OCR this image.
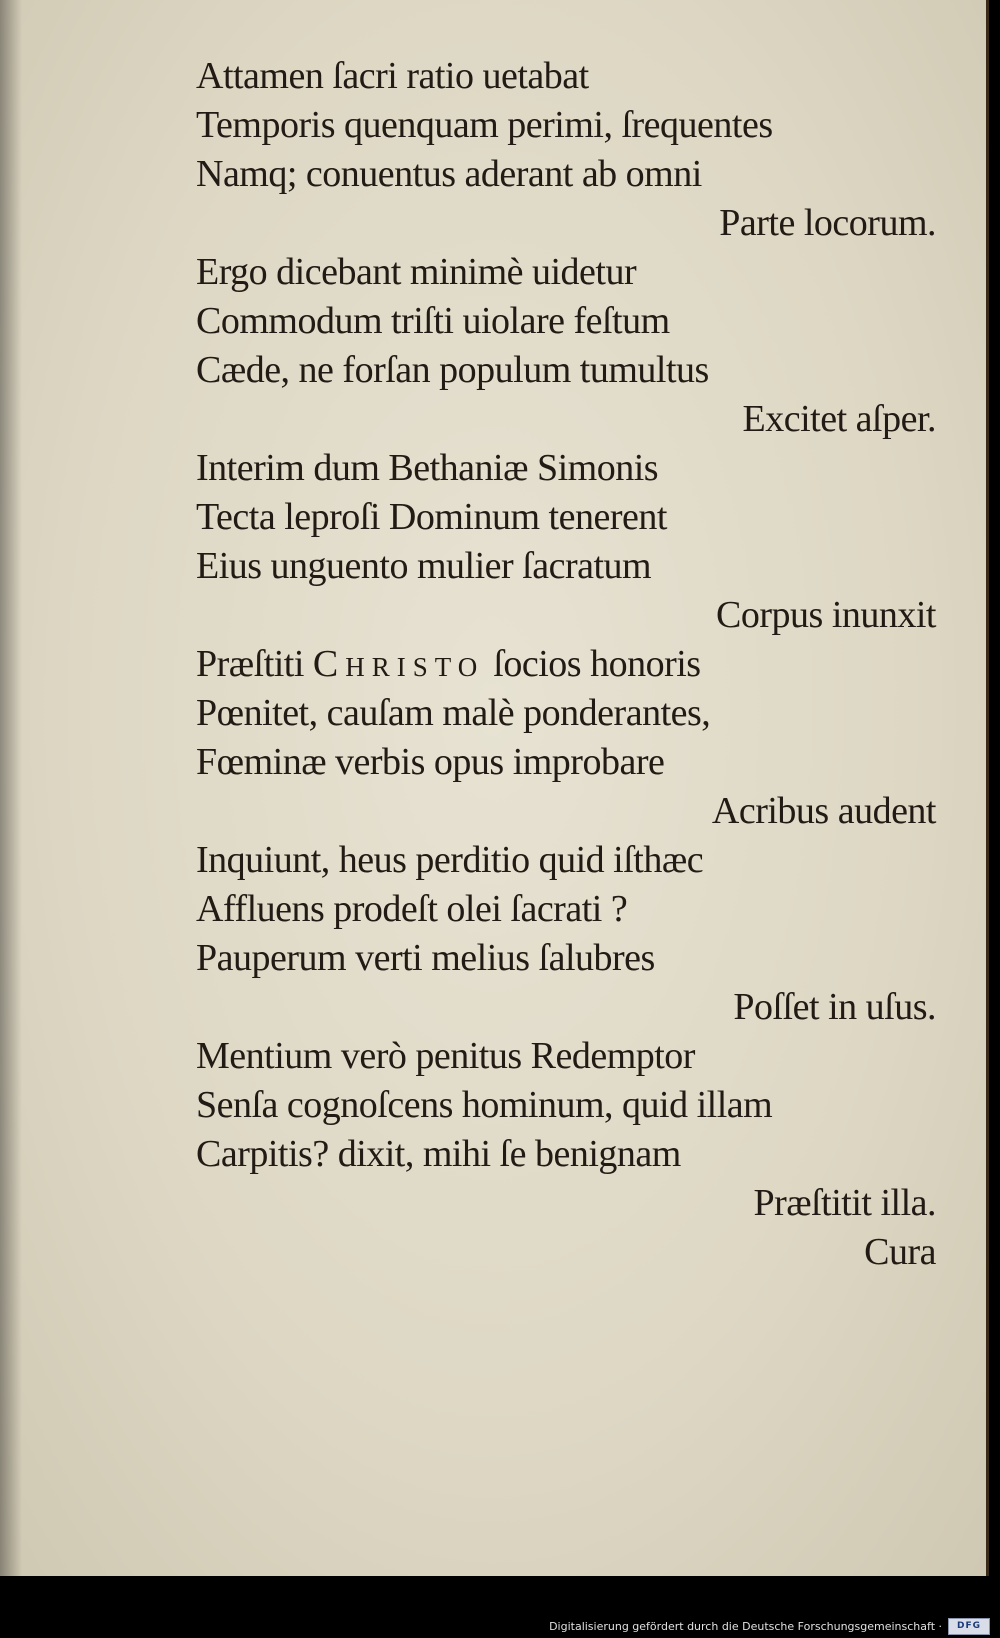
Attamen ſacri ratio uetabat
Temporis quenquam perimi, ſrequentes
Namq; conuentus aderant ab omni
Parte locorum.
Ergo dicebant minimè uidetur
Commodum triſti uiolare feſtum
Cæde, ne forſan populum tumultus
Excitet aſper.
Interim dum Bethaniæ Simonis
Tecta leproſi Dominum tenerent
Eius unguento mulier ſacratum
Corpus inunxit
Præſtiti Christo ſocios honoris
Pœnitet, cauſam malè ponderantes,
Fœminæ verbis opus improbare
Acribus audent
Inquiunt, heus perditio quid iſthæc
Affluens prodeſt olei ſacrati ?
Pauperum verti melius ſalubres
Poſſet in uſus.
Mentium verò penitus Redemptor
Senſa cognoſcens hominum, quid illam
Carpitis? dixit, mihi ſe benignam
Præſtitit illa.
Cura
Digitalisierung gefördert durch die Deutsche Forschungsgemeinschaft ·	DFG
